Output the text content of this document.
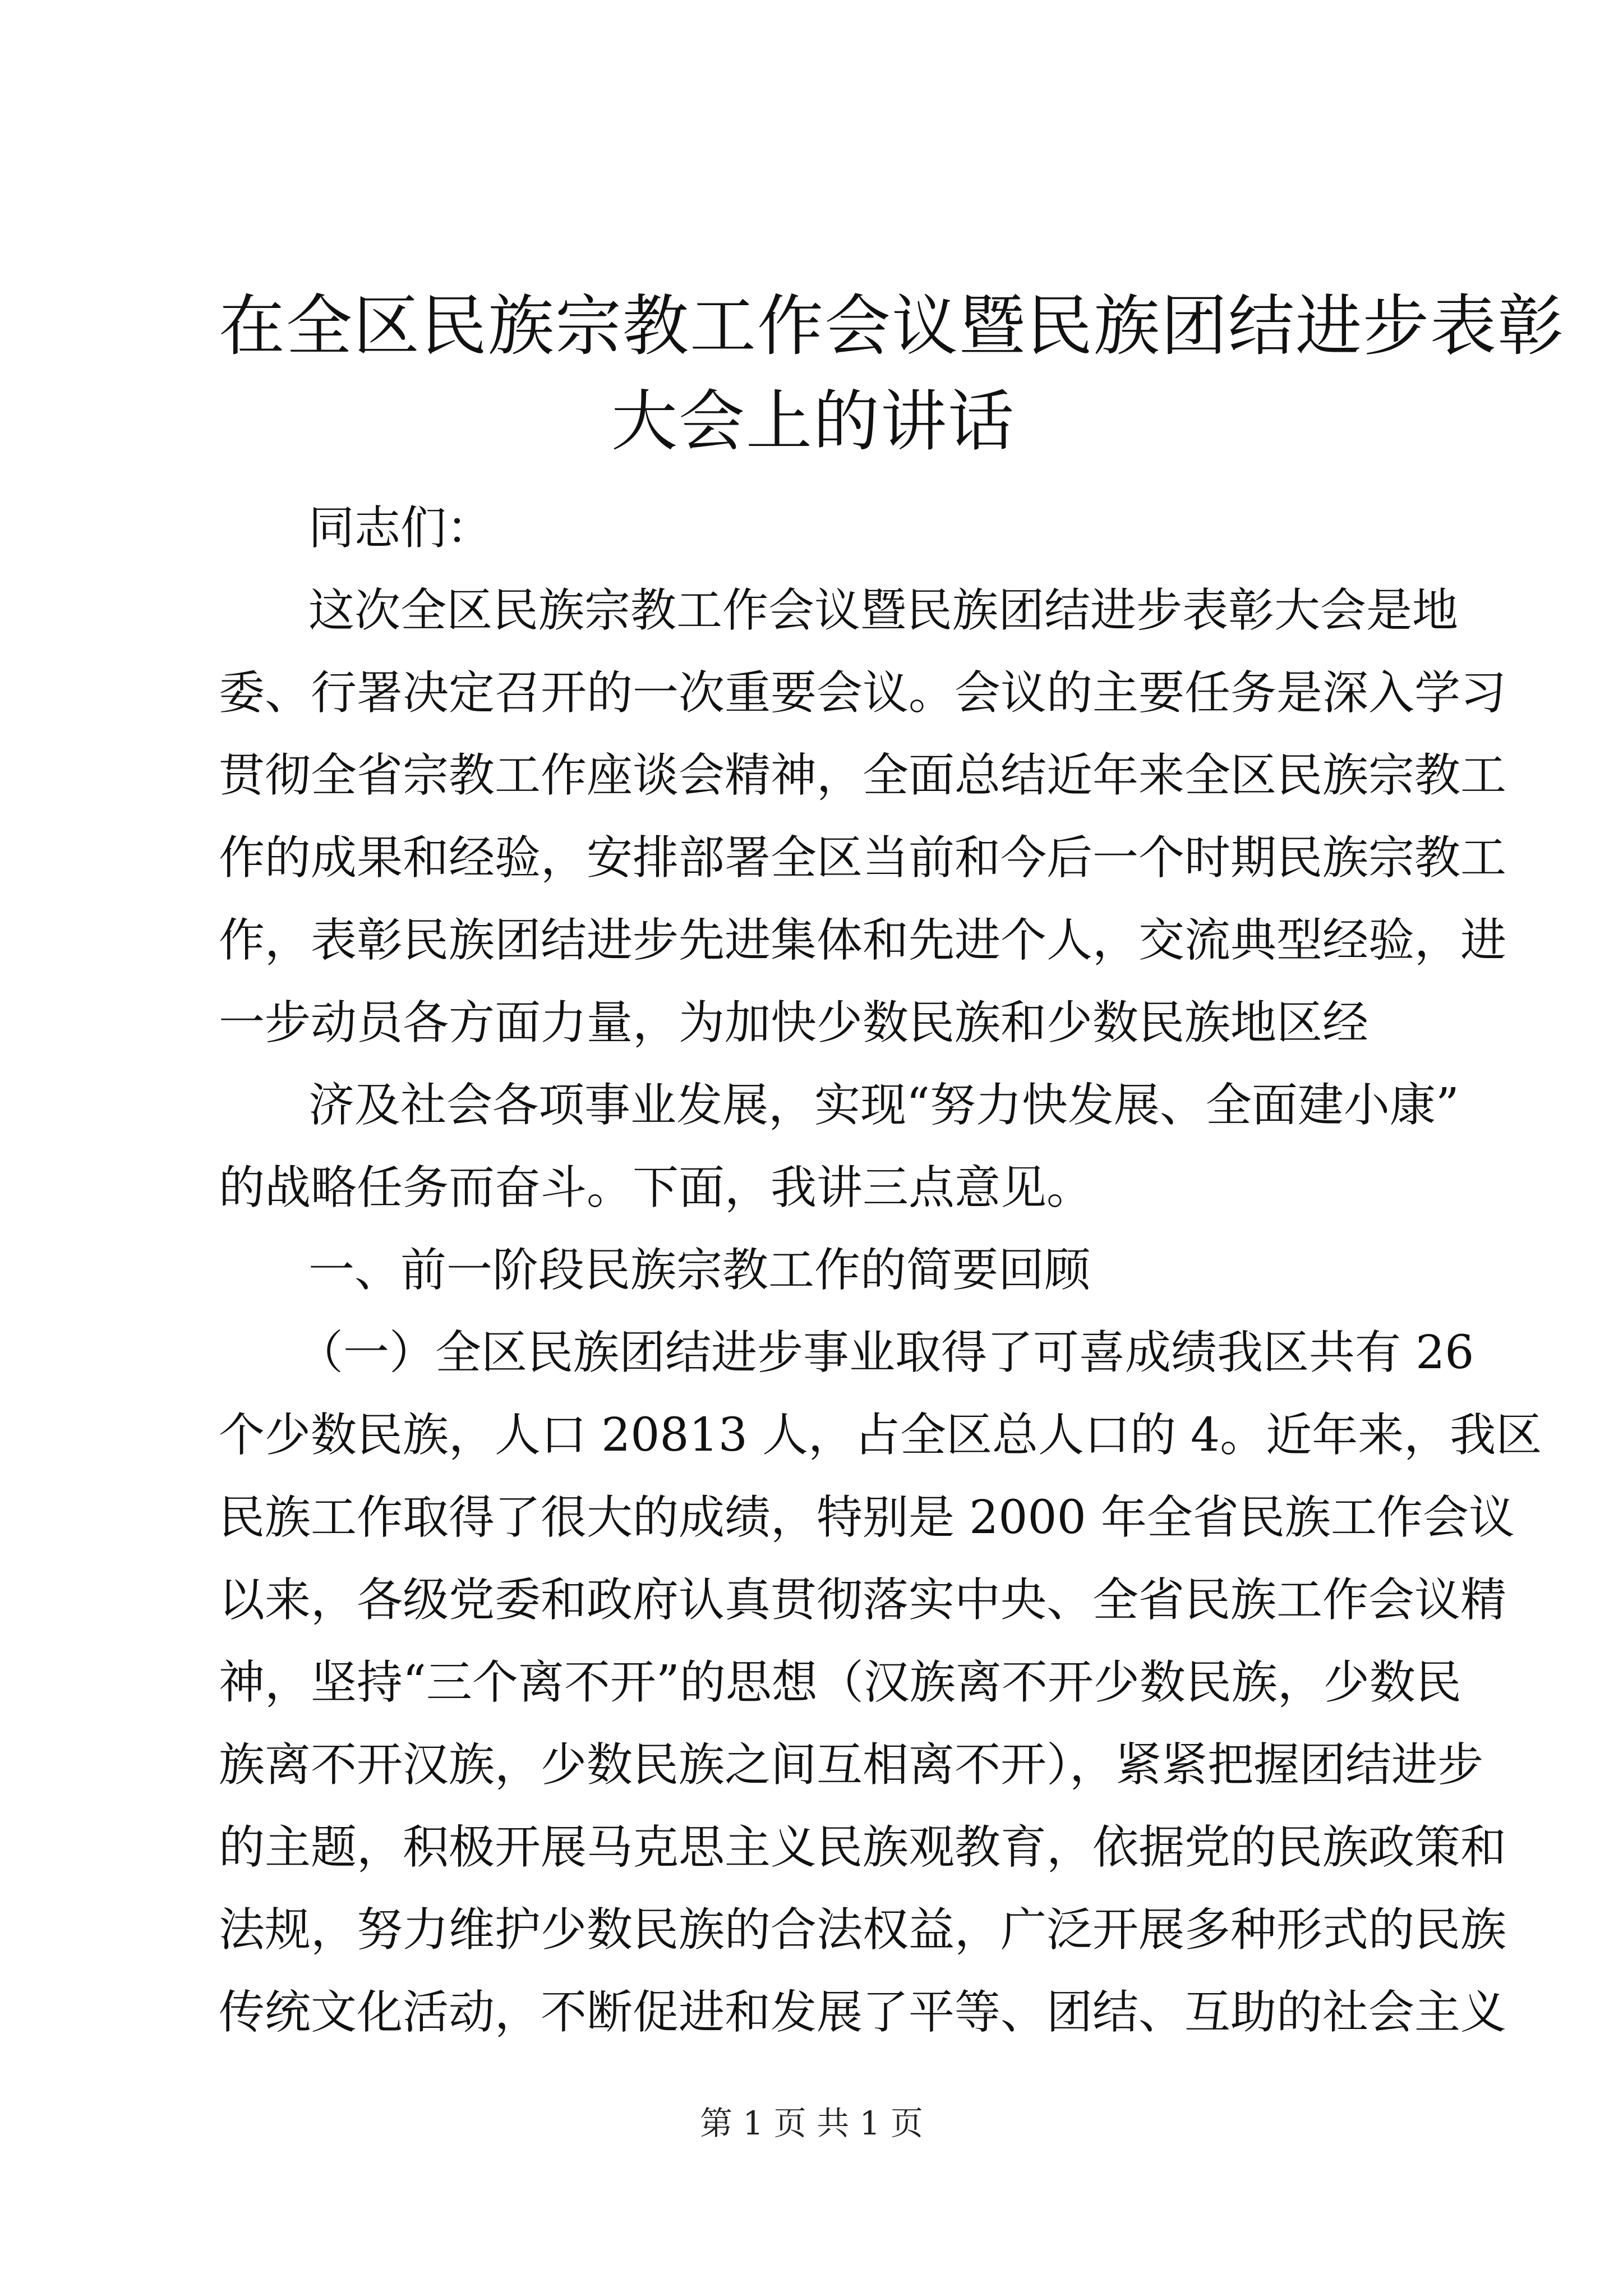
在全区民族宗教工作会议暨民族团结进步表彰
大会上的讲话
同志们：
这次全区民族宗教工作会议暨民族团结进步表彰大会是地
委、行署决定召开的一次重要会议。会议的主要任务是深入学习
贯彻全省宗教工作座谈会精神，全面总结近年来全区民族宗教工
作的成果和经验，安排部署全区当前和今后一个时期民族宗教工
作，表彰民族团结进步先进集体和先进个人，交流典型经验，进
一步动员各方面力量，为加快少数民族和少数民族地区经
济及社会各项事业发展，实现“努力快发展、全面建小康”
的战略任务而奋斗。下面，我讲三点意见。
一、前一阶段民族宗教工作的简要回顾
（一）全区民族团结进步事业取得了可喜成绩我区共有 26
个少数民族，人口 20813 人，占全区总人口的 4。近年来，我区
民族工作取得了很大的成绩，特别是 2000 年全省民族工作会议
以来，各级党委和政府认真贯彻落实中央、全省民族工作会议精
神，坚持“三个离不开”的思想（汉族离不开少数民族，少数民
族离不开汉族，少数民族之间互相离不开），紧紧把握团结进步
的主题，积极开展马克思主义民族观教育，依据党的民族政策和
法规，努力维护少数民族的合法权益，广泛开展多种形式的民族
传统文化活动，不断促进和发展了平等、团结、互助的社会主义
第 1 页 共 1 页
